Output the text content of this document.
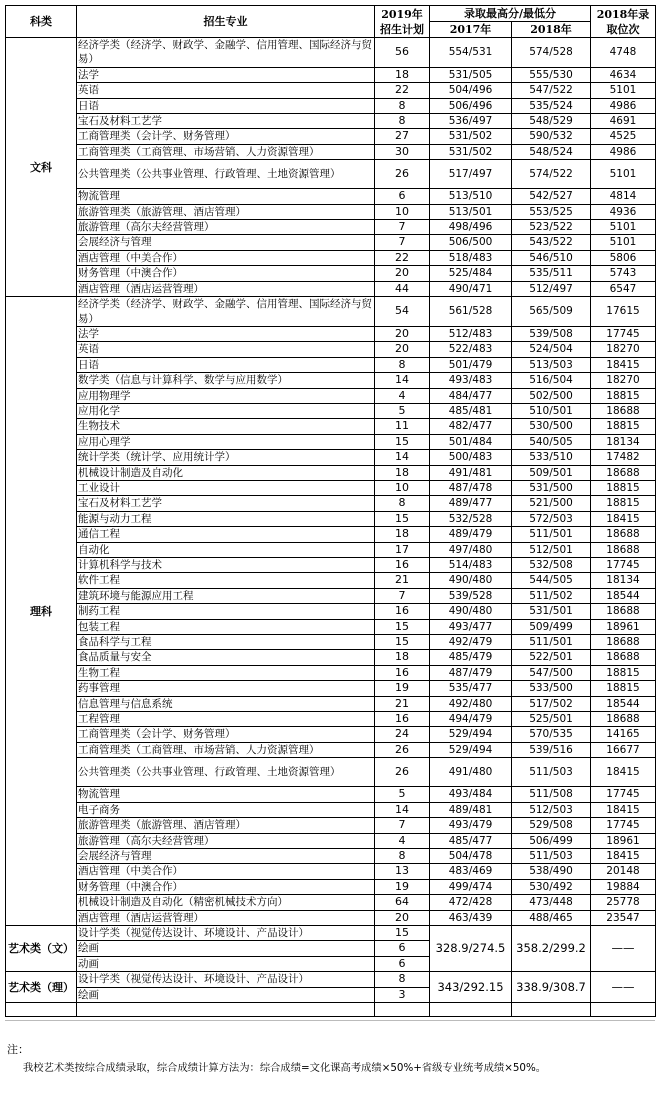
科类	招生专业	2019年招生计划	录取最高分/最低分		2018年录取位次
			2017年	2018年	
文科	经济学类（经济学、财政学、金融学、信用管理、国际经济与贸易）	56	554/531	574/528	4748
	法学	18	531/505	555/530	4634
	英语	22	504/496	547/522	5101
	日语	8	506/496	535/524	4986
	宝石及材料工艺学	8	536/497	548/529	4691
	工商管理类（会计学、财务管理）	27	531/502	590/532	4525
	工商管理类（工商管理、市场营销、人力资源管理）	30	531/502	548/524	4986
	公共管理类（公共事业管理、行政管理、土地资源管理）	26	517/497	574/522	5101
	物流管理	6	513/510	542/527	4814
	旅游管理类（旅游管理、酒店管理）	10	513/501	553/525	4936
	旅游管理（高尔夫经营管理）	7	498/496	523/522	5101
	会展经济与管理	7	506/500	543/522	5101
	酒店管理（中美合作）	22	518/483	546/510	5806
	财务管理（中澳合作）	20	525/484	535/511	5743
	酒店管理（酒店运营管理）	44	490/471	512/497	6547
理科	经济学类（经济学、财政学、金融学、信用管理、国际经济与贸易）	54	561/528	565/509	17615
	法学	20	512/483	539/508	17745
	英语	20	522/483	524/504	18270
	日语	8	501/479	513/503	18415
	数学类（信息与计算科学、数学与应用数学）	14	493/483	516/504	18270
	应用物理学	4	484/477	502/500	18815
	应用化学	5	485/481	510/501	18688
	生物技术	11	482/477	530/500	18815
	应用心理学	15	501/484	540/505	18134
	统计学类（统计学、应用统计学）	14	500/483	533/510	17482
	机械设计制造及自动化	18	491/481	509/501	18688
	工业设计	10	487/478	531/500	18815
	宝石及材料工艺学	8	489/477	521/500	18815
	能源与动力工程	15	532/528	572/503	18415
	通信工程	18	489/479	511/501	18688
	自动化	17	497/480	512/501	18688
	计算机科学与技术	16	514/483	532/508	17745
	软件工程	21	490/480	544/505	18134
	建筑环境与能源应用工程	7	539/528	511/502	18544
	制药工程	16	490/480	531/501	18688
	包装工程	15	493/477	509/499	18961
	食品科学与工程	15	492/479	511/501	18688
	食品质量与安全	18	485/479	522/501	18688
	生物工程	16	487/479	547/500	18815
	药事管理	19	535/477	533/500	18815
	信息管理与信息系统	21	492/480	517/502	18544
	工程管理	16	494/479	525/501	18688
	工商管理类（会计学、财务管理）	24	529/494	570/535	14165
	工商管理类（工商管理、市场营销、人力资源管理）	26	529/494	539/516	16677
	公共管理类（公共事业管理、行政管理、土地资源管理）	26	491/480	511/503	18415
	物流管理	5	493/484	511/508	17745
	电子商务	14	489/481	512/503	18415
	旅游管理类（旅游管理、酒店管理）	7	493/479	529/508	17745
	旅游管理（高尔夫经营管理）	4	485/477	506/499	18961
	会展经济与管理	8	504/478	511/503	18415
	酒店管理（中美合作）	13	483/469	538/490	20148
	财务管理（中澳合作）	19	499/474	530/492	19884
	机械设计制造及自动化（精密机械技术方向）	64	472/428	473/448	25778
	酒店管理（酒店运营管理）	20	463/439	488/465	23547
艺术类（文）	设计学类（视觉传达设计、环境设计、产品设计）	15	328.9/274.5	358.2/299.2	——
	绘画	6			
	动画	6			
艺术类（理）	设计学类（视觉传达设计、环境设计、产品设计）	8	343/292.15	338.9/308.7	——
	绘画	3			

注：
我校艺术类按综合成绩录取，综合成绩计算方法为：综合成绩=文化课高考成绩×50%+省级专业统考成绩×50%。
